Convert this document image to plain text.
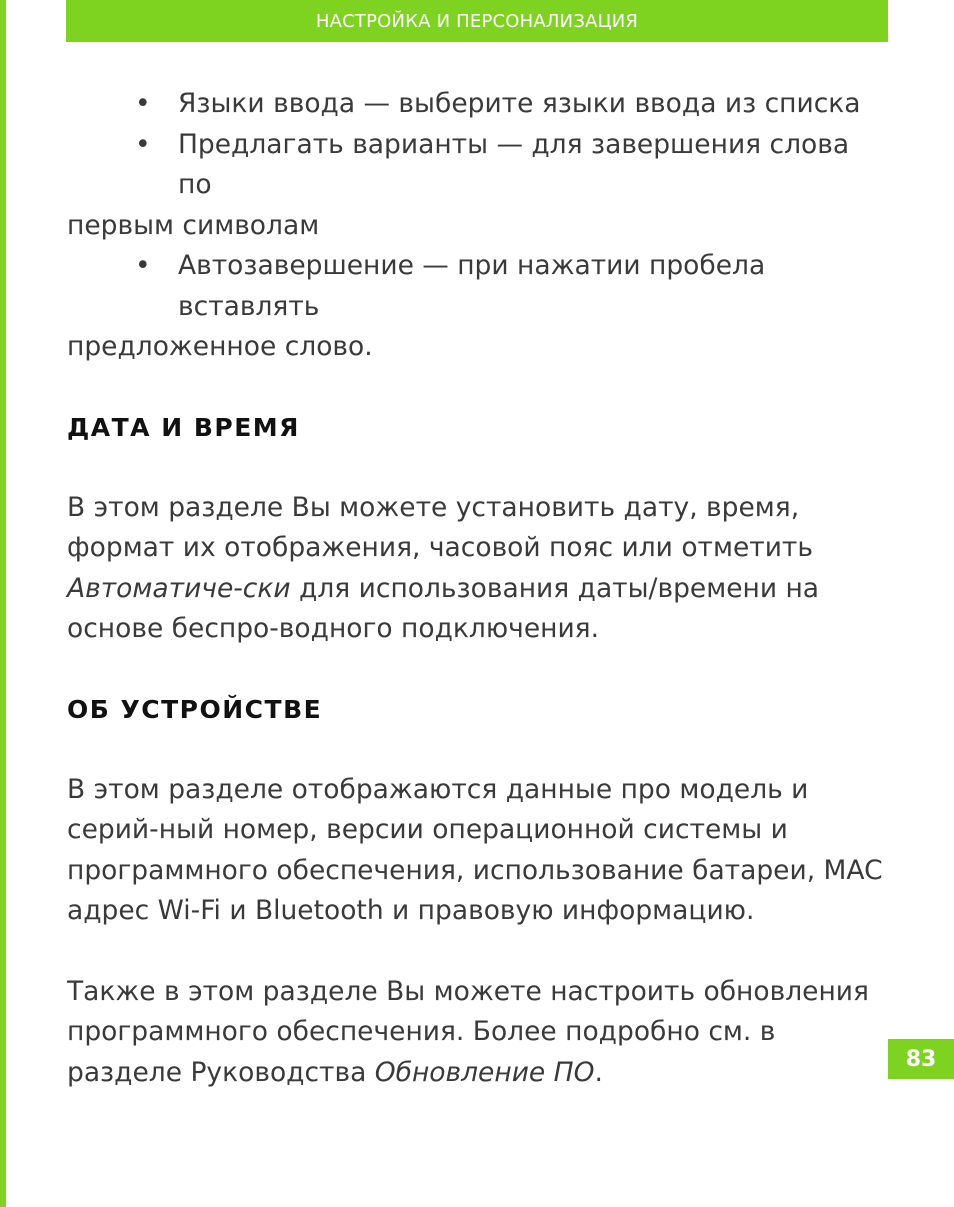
НАСТРОЙКА И ПЕРСОНАЛИЗАЦИЯ
• Языки ввода — выберите языки ввода из списка
• Предлагать варианты — для завершения слова по
первым символам
• Автозавершение — при нажатии пробела вставлять
предложенное слово.
ДАТА И ВРЕМЯ

В этом разделе Вы можете установить дату, время, формат их отображения, часовой пояс или отметить Автоматиче-ски для использования даты/времени на основе беспро-водного подключения.

ОБ УСТРОЙСТВЕ

В этом разделе отображаются данные про модель и серий-ный номер, версии операционной системы и программного обеспечения, использование батареи, MAC адрес Wi-Fi и Bluetooth и правовую информацию.

Также в этом разделе Вы можете настроить обновления программного обеспечения. Более подробно см. в разделе Руководства Обновление ПО.	83
